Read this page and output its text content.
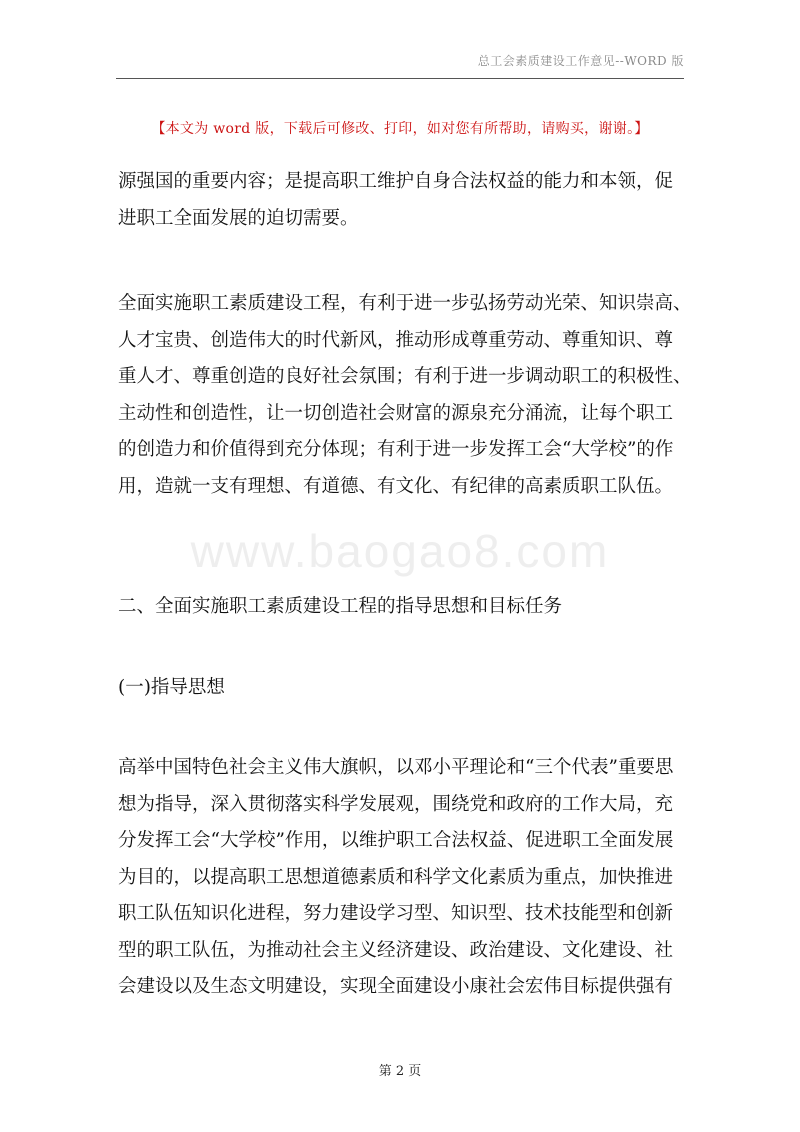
总工会素质建设工作意见--WORD 版
【本文为 word 版，下载后可修改、打印，如对您有所帮助，请购买，谢谢。】
www.baogao8.com
源强国的重要内容；是提高职工维护自身合法权益的能力和本领，促
进职工全面发展的迫切需要。
全面实施职工素质建设工程，有利于进一步弘扬劳动光荣、知识崇高、
人才宝贵、创造伟大的时代新风，推动形成尊重劳动、尊重知识、尊
重人才、尊重创造的良好社会氛围；有利于进一步调动职工的积极性、
主动性和创造性，让一切创造社会财富的源泉充分涌流，让每个职工
的创造力和价值得到充分体现；有利于进一步发挥工会“大学校”的作
用，造就一支有理想、有道德、有文化、有纪律的高素质职工队伍。
二、全面实施职工素质建设工程的指导思想和目标任务
(一)指导思想
高举中国特色社会主义伟大旗帜，以邓小平理论和“三个代表”重要思
想为指导，深入贯彻落实科学发展观，围绕党和政府的工作大局，充
分发挥工会“大学校”作用，以维护职工合法权益、促进职工全面发展
为目的，以提高职工思想道德素质和科学文化素质为重点，加快推进
职工队伍知识化进程，努力建设学习型、知识型、技术技能型和创新
型的职工队伍，为推动社会主义经济建设、政治建设、文化建设、社
会建设以及生态文明建设，实现全面建设小康社会宏伟目标提供强有
第 2 页
